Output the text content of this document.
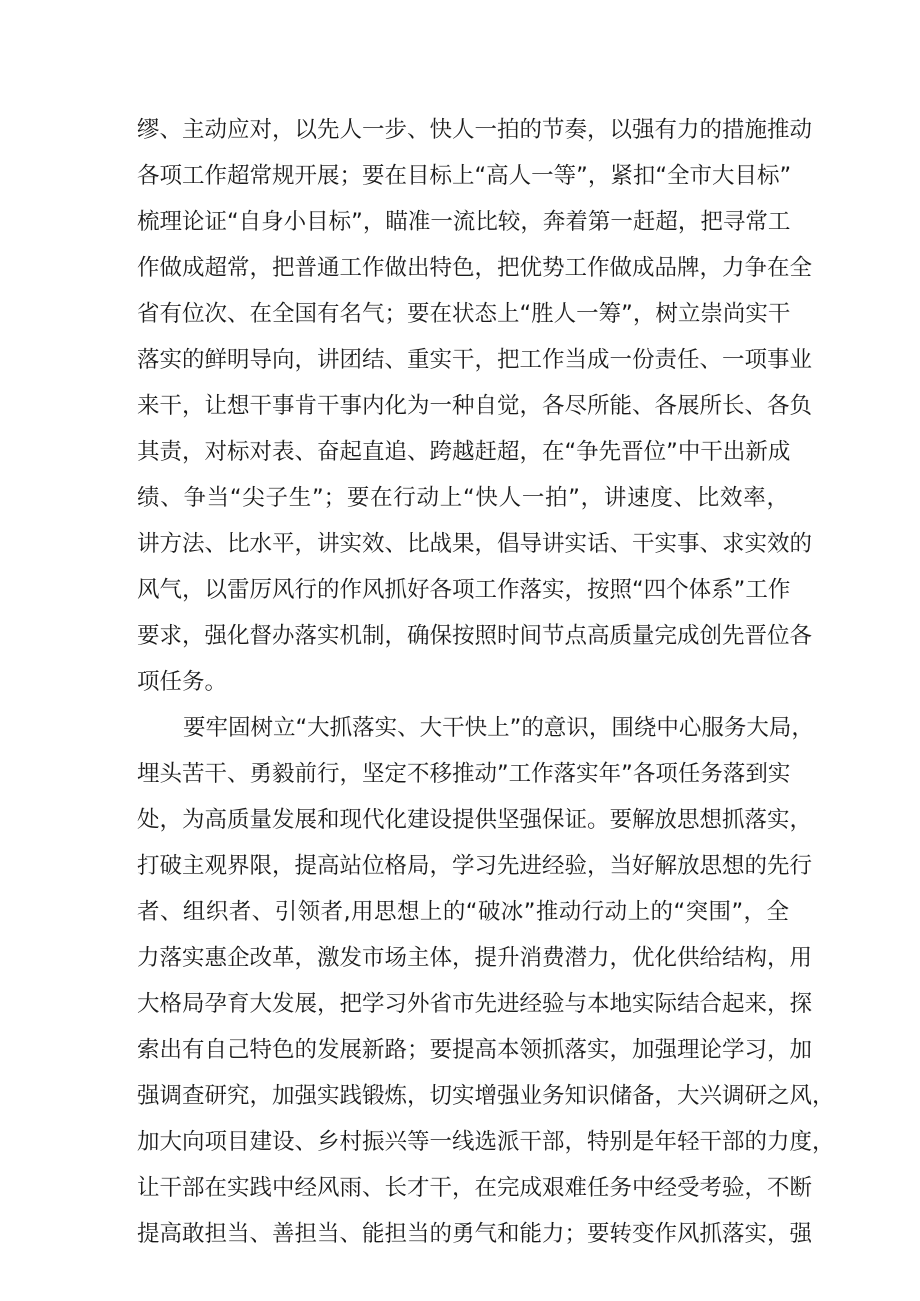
缪、主动应对，以先人一步、快人一拍的节奏，以强有力的措施推动
各项工作超常规开展；要在目标上“高人一等”，紧扣“全市大目标”
梳理论证“自身小目标”，瞄准一流比较，奔着第一赶超，把寻常工
作做成超常，把普通工作做出特色，把优势工作做成品牌，力争在全
省有位次、在全国有名气；要在状态上“胜人一筹”，树立崇尚实干
落实的鲜明导向，讲团结、重实干，把工作当成一份责任、一项事业
来干，让想干事肯干事内化为一种自觉，各尽所能、各展所长、各负
其责，对标对表、奋起直追、跨越赶超，在“争先晋位”中干出新成
绩、争当“尖子生”；要在行动上“快人一拍”，讲速度、比效率，
讲方法、比水平，讲实效、比战果，倡导讲实话、干实事、求实效的
风气，以雷厉风行的作风抓好各项工作落实，按照“四个体系”工作
要求，强化督办落实机制，确保按照时间节点高质量完成创先晋位各
项任务。
要牢固树立“大抓落实、大干快上”的意识，围绕中心服务大局，
埋头苦干、勇毅前行，坚定不移推动”工作落实年”各项任务落到实
处，为高质量发展和现代化建设提供坚强保证。要解放思想抓落实，
打破主观界限，提高站位格局，学习先进经验，当好解放思想的先行
者、组织者、引领者,用思想上的“破冰”推动行动上的“突围”，全
力落实惠企改革，激发市场主体，提升消费潜力，优化供给结构，用
大格局孕育大发展，把学习外省市先进经验与本地实际结合起来，探
索出有自己特色的发展新路；要提高本领抓落实，加强理论学习，加
强调查研究，加强实践锻炼，切实增强业务知识储备，大兴调研之风，
加大向项目建设、乡村振兴等一线选派干部，特别是年轻干部的力度，
让干部在实践中经风雨、长才干，在完成艰难任务中经受考验，不断
提高敢担当、善担当、能担当的勇气和能力；要转变作风抓落实，强
